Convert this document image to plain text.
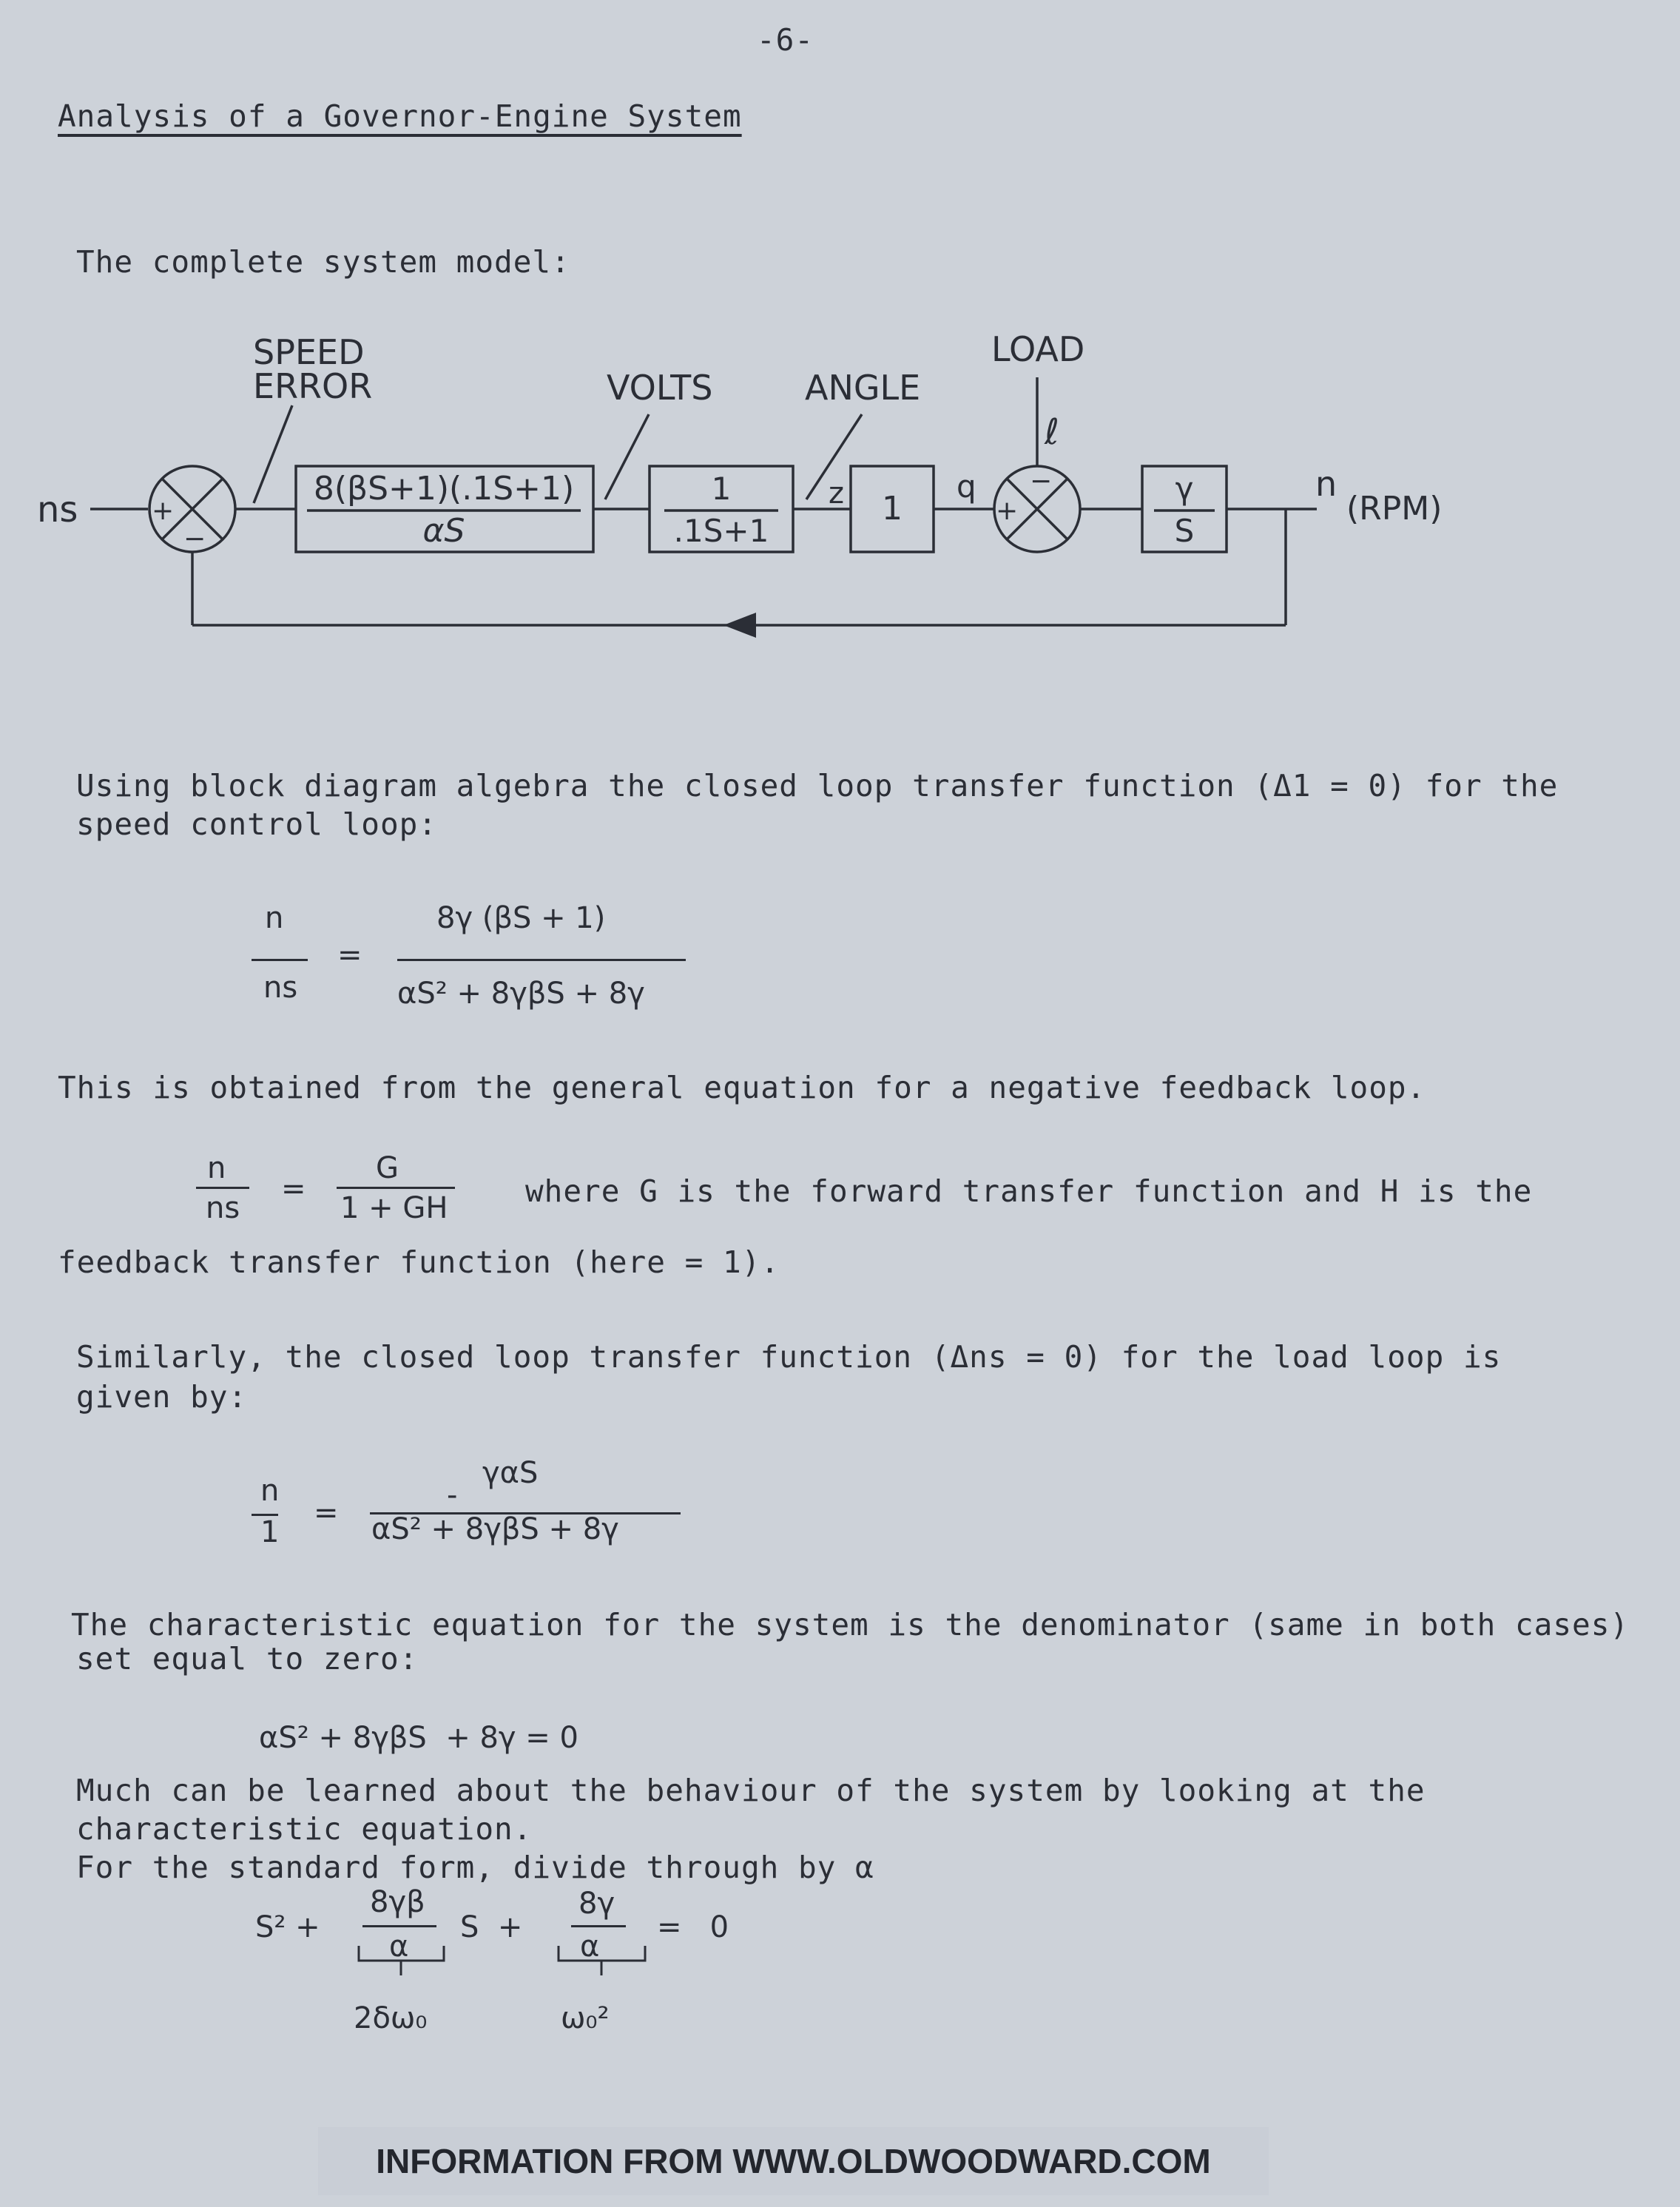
-6-
Analysis of a Governor-Engine System
The complete system model:
ns
SPEED
ERROR	VOLTS	ANGLE
LOAD
ℓ
+
−
+
−
8(βS+1)(.1S+1)
αS
1
.1S+1
z 1
q	γ
S
n
(RPM)
Using block diagram algebra the closed loop transfer function (Δ1 = 0) for the
speed control loop:
n
ns
=
8γ (βS + 1)
αS² + 8γβS + 8γ
This is obtained from the general equation for a negative feedback loop.
n
ns
=
G
1 + GH	where G is the forward transfer function and H is the
feedback transfer function (here = 1).
Similarly, the closed loop transfer function (Δns = 0) for the load loop is
given by:
n
1
=
-
γαS
αS² + 8γβS + 8γ
The characteristic equation for the system is the denominator (same in both cases)
set equal to zero:
αS² + 8γβS  + 8γ = 0
Much can be learned about the behaviour of the system by looking at the
characteristic equation.
For the standard form, divide through by α
S² +
8γβ
α
S  +
8γ
α
=   0
2δω₀	ω₀²
INFORMATION FROM WWW.OLDWOODWARD.COM
